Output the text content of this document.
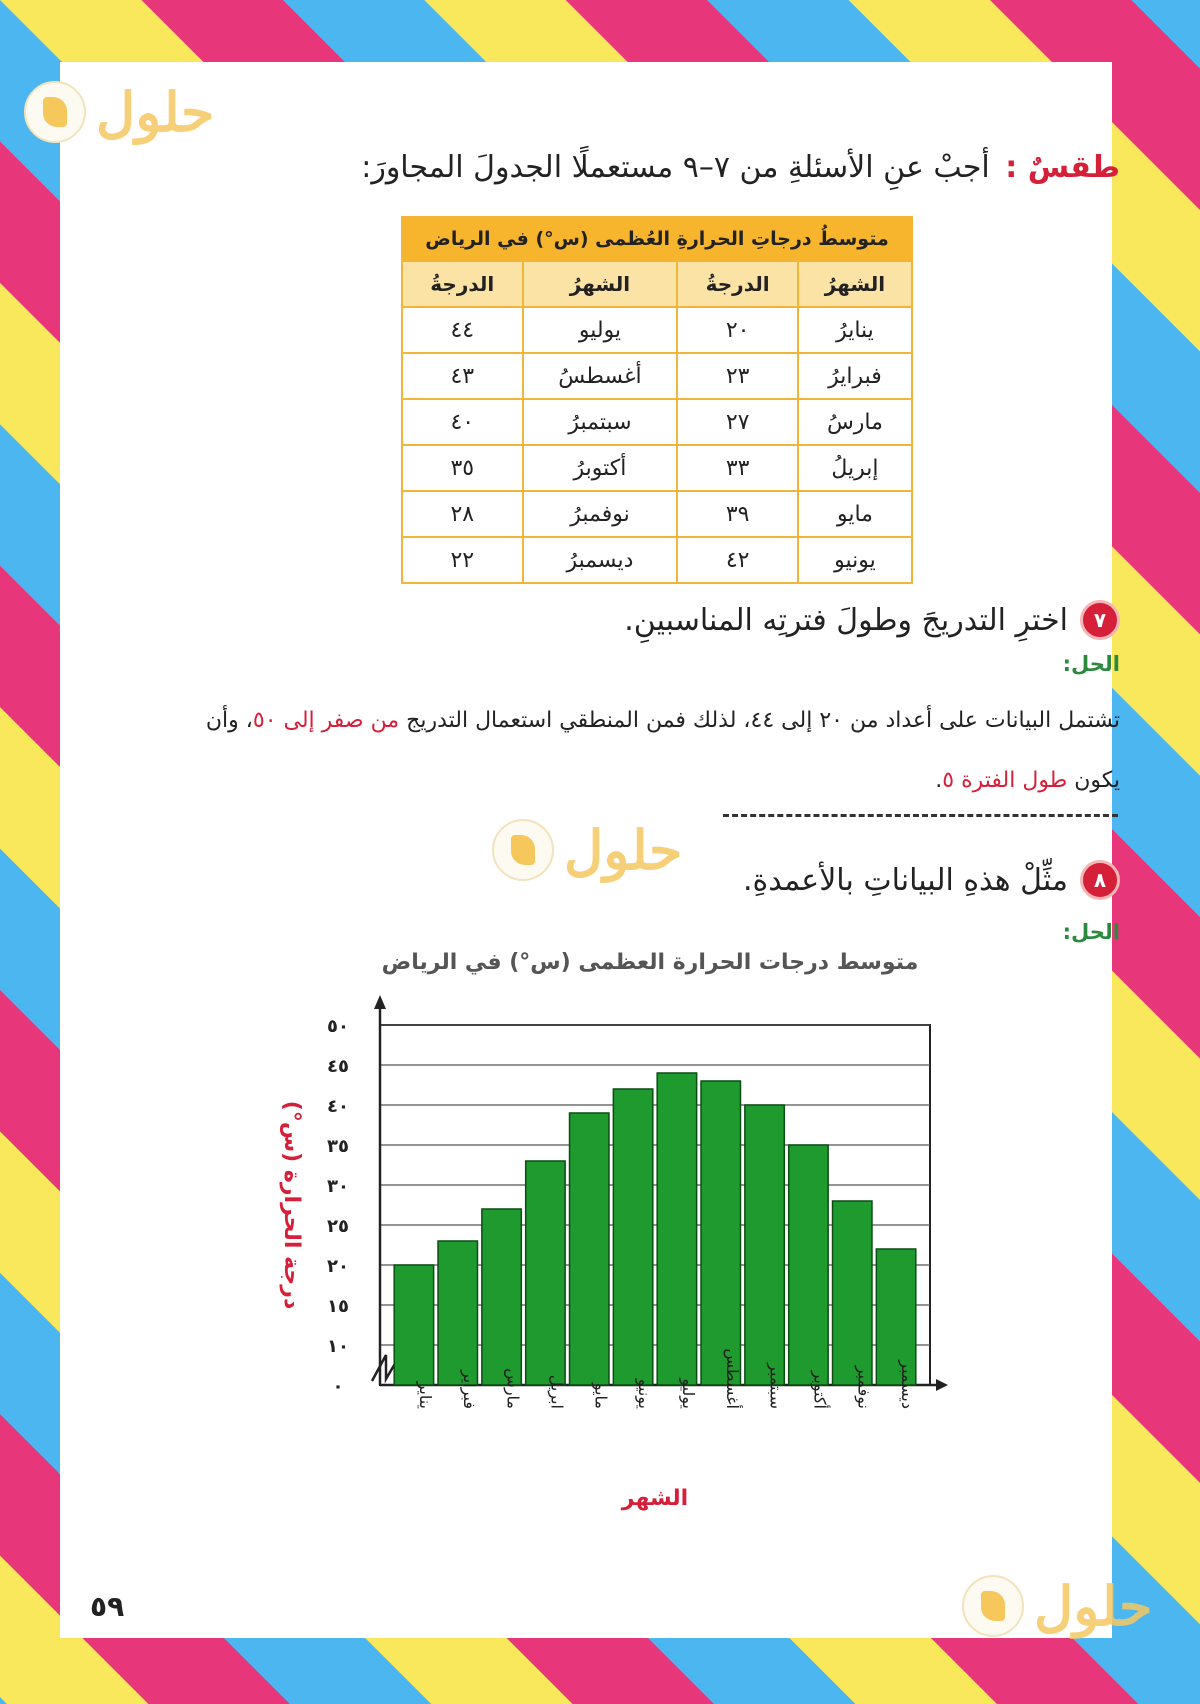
حلول
حلول
حلول
طقسٌ : أجبْ عنِ الأسئلةِ من ٧–٩ مستعملًا الجدولَ المجاورَ:
متوسطُ درجاتِ الحرارةِ العُظمى (س°) في الرياض			
الشهرُ	الدرجةُ	الشهرُ	الدرجةُ
ينايرُ	٢٠	يوليو	٤٤
فبرايرُ	٢٣	أغسطسُ	٤٣
مارسُ	٢٧	سبتمبرُ	٤٠
إبريلُ	٣٣	أكتوبرُ	٣٥
مايو	٣٩	نوفمبرُ	٢٨
يونيو	٤٢	ديسمبرُ	٢٢
٧
اخترِ التدريجَ وطولَ فترتِه المناسبينِ.
الحل:
تشتمل البيانات على أعداد من ٢٠ إلى ٤٤، لذلك فمن المنطقي استعمال التدريج من صفر إلى ٥٠، وأن
يكون طول الفترة ٥.
٨
مثِّلْ هذهِ البياناتِ بالأعمدةِ.
الحل:
متوسط درجات الحرارة العظمى (س°) في الرياض
٠
١٠
١٥
٢٠
٢٥
٣٠
٣٥
٤٠
٤٥
٥٠
يناير فبراير مارس ابريل مايو يونيو يوليو أغسطس سبتمبر أكتوبر نوفمبر ديسمبر
الشهر
درجة الحرارة (س°)
٥٩
